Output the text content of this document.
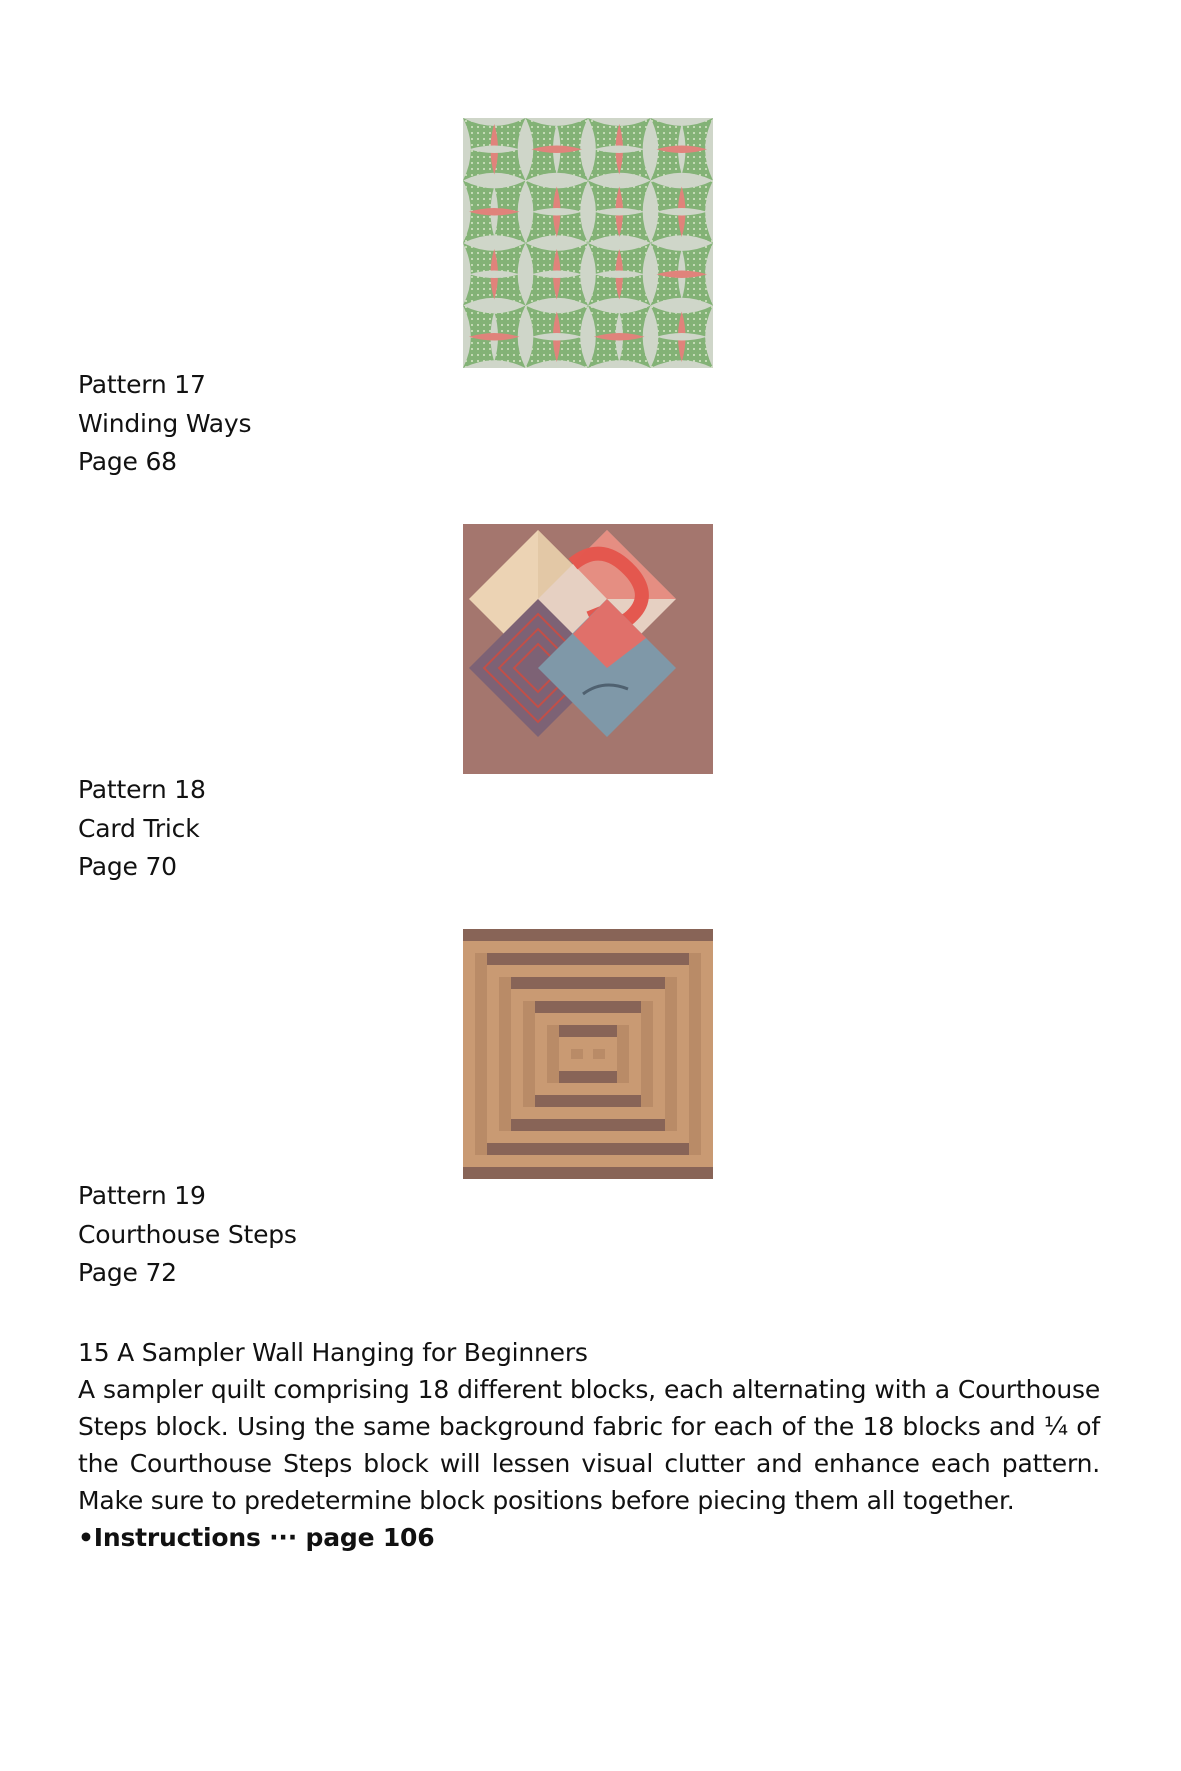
Pattern 17
Winding Ways
Page 68
Pattern 18
Card Trick
Page 70
Pattern 19
Courthouse Steps
Page 72
15 A Sampler Wall Hanging for Beginners
A sampler quilt comprising 18 different blocks, each alternating with a Courthouse Steps block. Using the same background fabric for each of the 18 blocks and ¼ of the Courthouse Steps block will lessen visual clutter and enhance each pattern. Make sure to predetermine block positions before piecing them all together.
•Instructions ··· page 106
